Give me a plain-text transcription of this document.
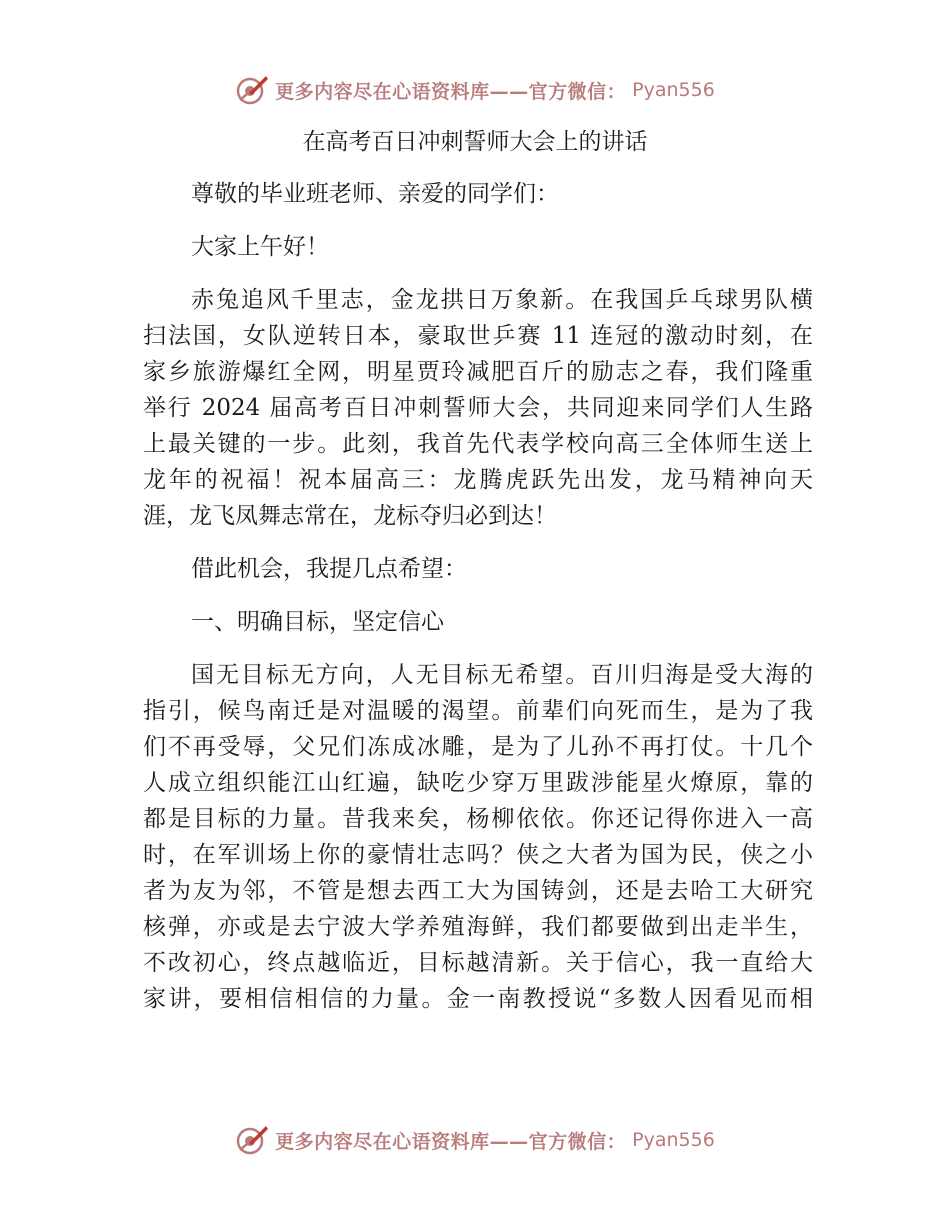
更多内容尽在心语资料库——官方微信： Pyan556
在高考百日冲刺誓师大会上的讲话

尊敬的毕业班老师、亲爱的同学们：

大家上午好！

赤兔追风千里志，金龙拱日万象新。在我国乒乓球男队横

扫法国，女队逆转日本，豪取世乒赛 11 连冠的激动时刻，在

家乡旅游爆红全网，明星贾玲减肥百斤的励志之春，我们隆重

举行 2024 届高考百日冲刺誓师大会，共同迎来同学们人生路

上最关键的一步。此刻，我首先代表学校向高三全体师生送上

龙年的祝福！祝本届高三：龙腾虎跃先出发，龙马精神向天

涯，龙飞凤舞志常在，龙标夺归必到达！

借此机会，我提几点希望：

一、明确目标，坚定信心

国无目标无方向，人无目标无希望。百川归海是受大海的

指引，候鸟南迁是对温暖的渴望。前辈们向死而生，是为了我

们不再受辱，父兄们冻成冰雕，是为了儿孙不再打仗。十几个

人成立组织能江山红遍，缺吃少穿万里跋涉能星火燎原，靠的

都是目标的力量。昔我来矣，杨柳依依。你还记得你进入一高

时，在军训场上你的豪情壮志吗？侠之大者为国为民，侠之小

者为友为邻，不管是想去西工大为国铸剑，还是去哈工大研究

核弹，亦或是去宁波大学养殖海鲜，我们都要做到出走半生，

不改初心，终点越临近，目标越清新。关于信心，我一直给大

家讲，要相信相信的力量。金一南教授说“多数人因看见而相

更多内容尽在心语资料库——官方微信： Pyan556
